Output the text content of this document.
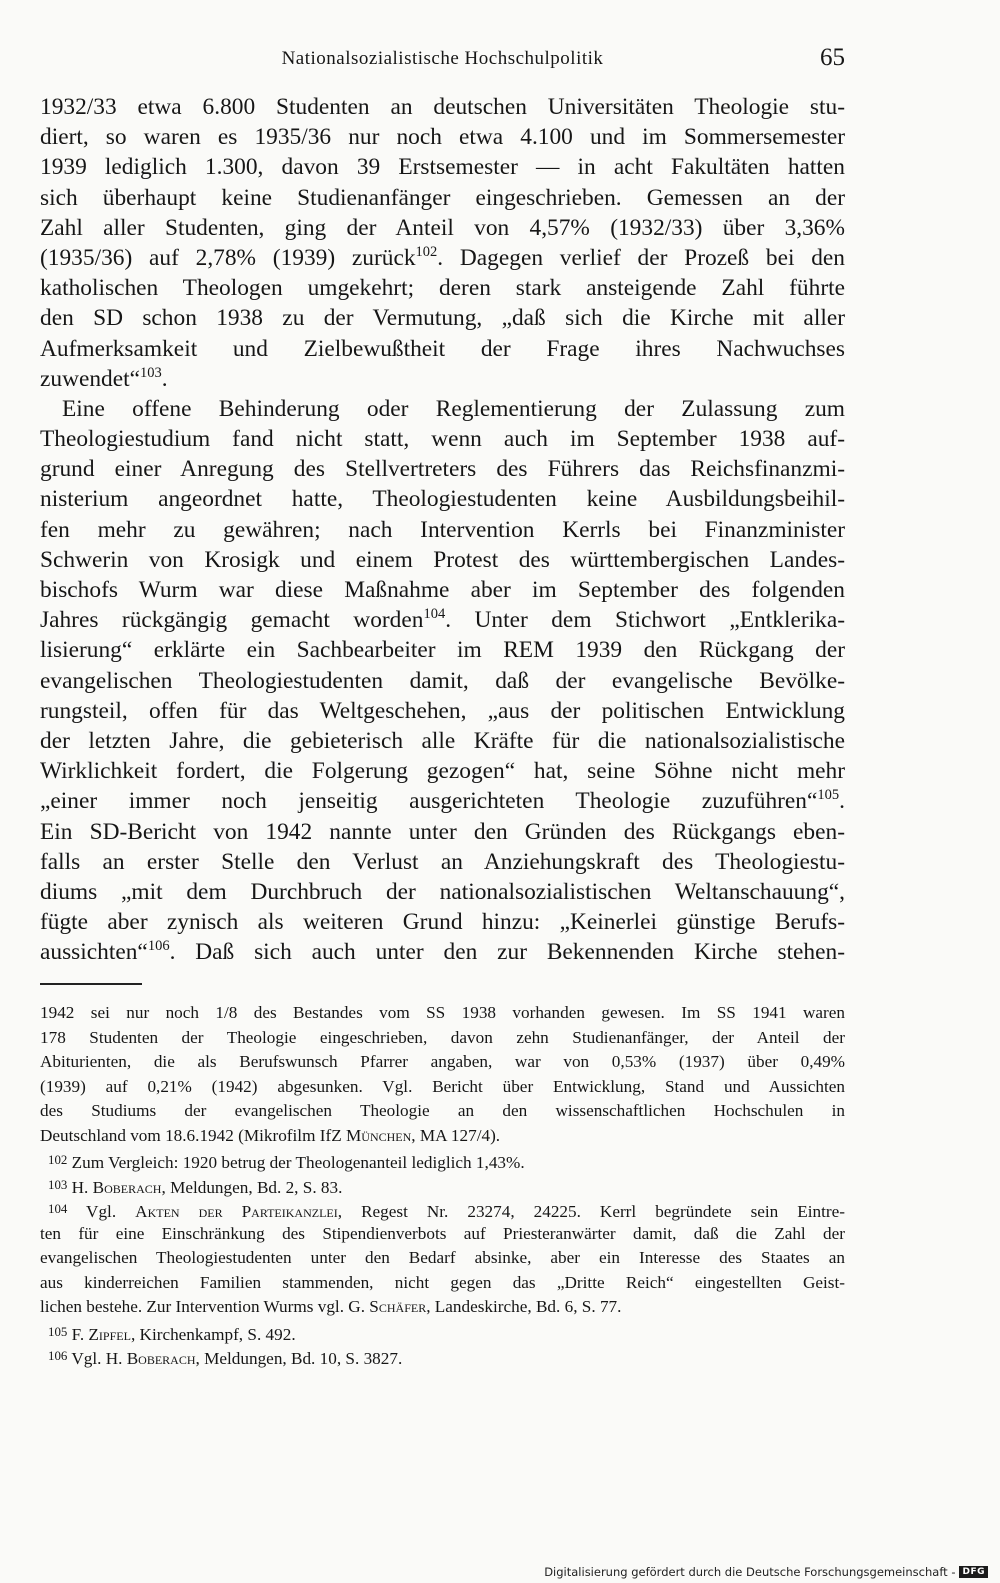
Nationalsozialistische Hochschulpolitik	65
1932/33 etwa 6.800 Studenten an deutschen Universitäten Theologie stu-
diert, so waren es 1935/36 nur noch etwa 4.100 und im Sommersemester
1939 lediglich 1.300, davon 39 Erstsemester — in acht Fakultäten hatten
sich überhaupt keine Studienanfänger eingeschrieben. Gemessen an der
Zahl aller Studenten, ging der Anteil von 4,57% (1932/33) über 3,36%
(1935/36) auf 2,78% (1939) zurück$^{102}$. Dagegen verlief der Prozeß bei den
katholischen Theologen umgekehrt; deren stark ansteigende Zahl führte
den SD schon 1938 zu der Vermutung, „daß sich die Kirche mit aller
Aufmerksamkeit und Zielbewußtheit der Frage ihres Nachwuchses
zuwendet“$^{103}$.
Eine offene Behinderung oder Reglementierung der Zulassung zum
Theologiestudium fand nicht statt, wenn auch im September 1938 auf-
grund einer Anregung des Stellvertreters des Führers das Reichsfinanzmi-
nisterium angeordnet hatte, Theologiestudenten keine Ausbildungsbeihil-
fen mehr zu gewähren; nach Intervention Kerrls bei Finanzminister
Schwerin von Krosigk und einem Protest des württembergischen Landes-
bischofs Wurm war diese Maßnahme aber im September des folgenden
Jahres rückgängig gemacht worden$^{104}$. Unter dem Stichwort „Entklerika-
lisierung“ erklärte ein Sachbearbeiter im REM 1939 den Rückgang der
evangelischen Theologiestudenten damit, daß der evangelische Bevölke-
rungsteil, offen für das Weltgeschehen, „aus der politischen Entwicklung
der letzten Jahre, die gebieterisch alle Kräfte für die nationalsozialistische
Wirklichkeit fordert, die Folgerung gezogen“ hat, seine Söhne nicht mehr
„einer immer noch jenseitig ausgerichteten Theologie zuzuführen“$^{105}$.
Ein SD-Bericht von 1942 nannte unter den Gründen des Rückgangs eben-
falls an erster Stelle den Verlust an Anziehungskraft des Theologiestu-
diums „mit dem Durchbruch der nationalsozialistischen Weltanschauung“,
fügte aber zynisch als weiteren Grund hinzu: „Keinerlei günstige Berufs-
aussichten“$^{106}$. Daß sich auch unter den zur Bekennenden Kirche stehen-
1942 sei nur noch 1/8 des Bestandes vom SS 1938 vorhanden gewesen. Im SS 1941 waren
178 Studenten der Theologie eingeschrieben, davon zehn Studienanfänger, der Anteil der
Abiturienten, die als Berufswunsch Pfarrer angaben, war von 0,53% (1937) über 0,49%
(1939) auf 0,21% (1942) abgesunken. Vgl. Bericht über Entwicklung, Stand und Aussichten
des Studiums der evangelischen Theologie an den wissenschaftlichen Hochschulen in
Deutschland vom 18.6.1942 (Mikrofilm IfZ München, MA 127/4).
$^{102}$ Zum Vergleich: 1920 betrug der Theologenanteil lediglich 1,43%.
$^{103}$ H. Boberach, Meldungen, Bd. 2, S. 83.
$^{104}$ Vgl. Akten der Parteikanzlei, Regest Nr. 23274, 24225. Kerrl begründete sein Eintre-
ten für eine Einschränkung des Stipendienverbots auf Priesteranwärter damit, daß die Zahl der
evangelischen Theologiestudenten unter den Bedarf absinke, aber ein Interesse des Staates an
aus kinderreichen Familien stammenden, nicht gegen das „Dritte Reich“ eingestellten Geist-
lichen bestehe. Zur Intervention Wurms vgl. G. Schäfer, Landeskirche, Bd. 6, S. 77.
$^{105}$ F. Zipfel, Kirchenkampf, S. 492.
$^{106}$ Vgl. H. Boberach, Meldungen, Bd. 10, S. 3827.
Digitalisierung gefördert durch die Deutsche Forschungsgemeinschaft - DFG
